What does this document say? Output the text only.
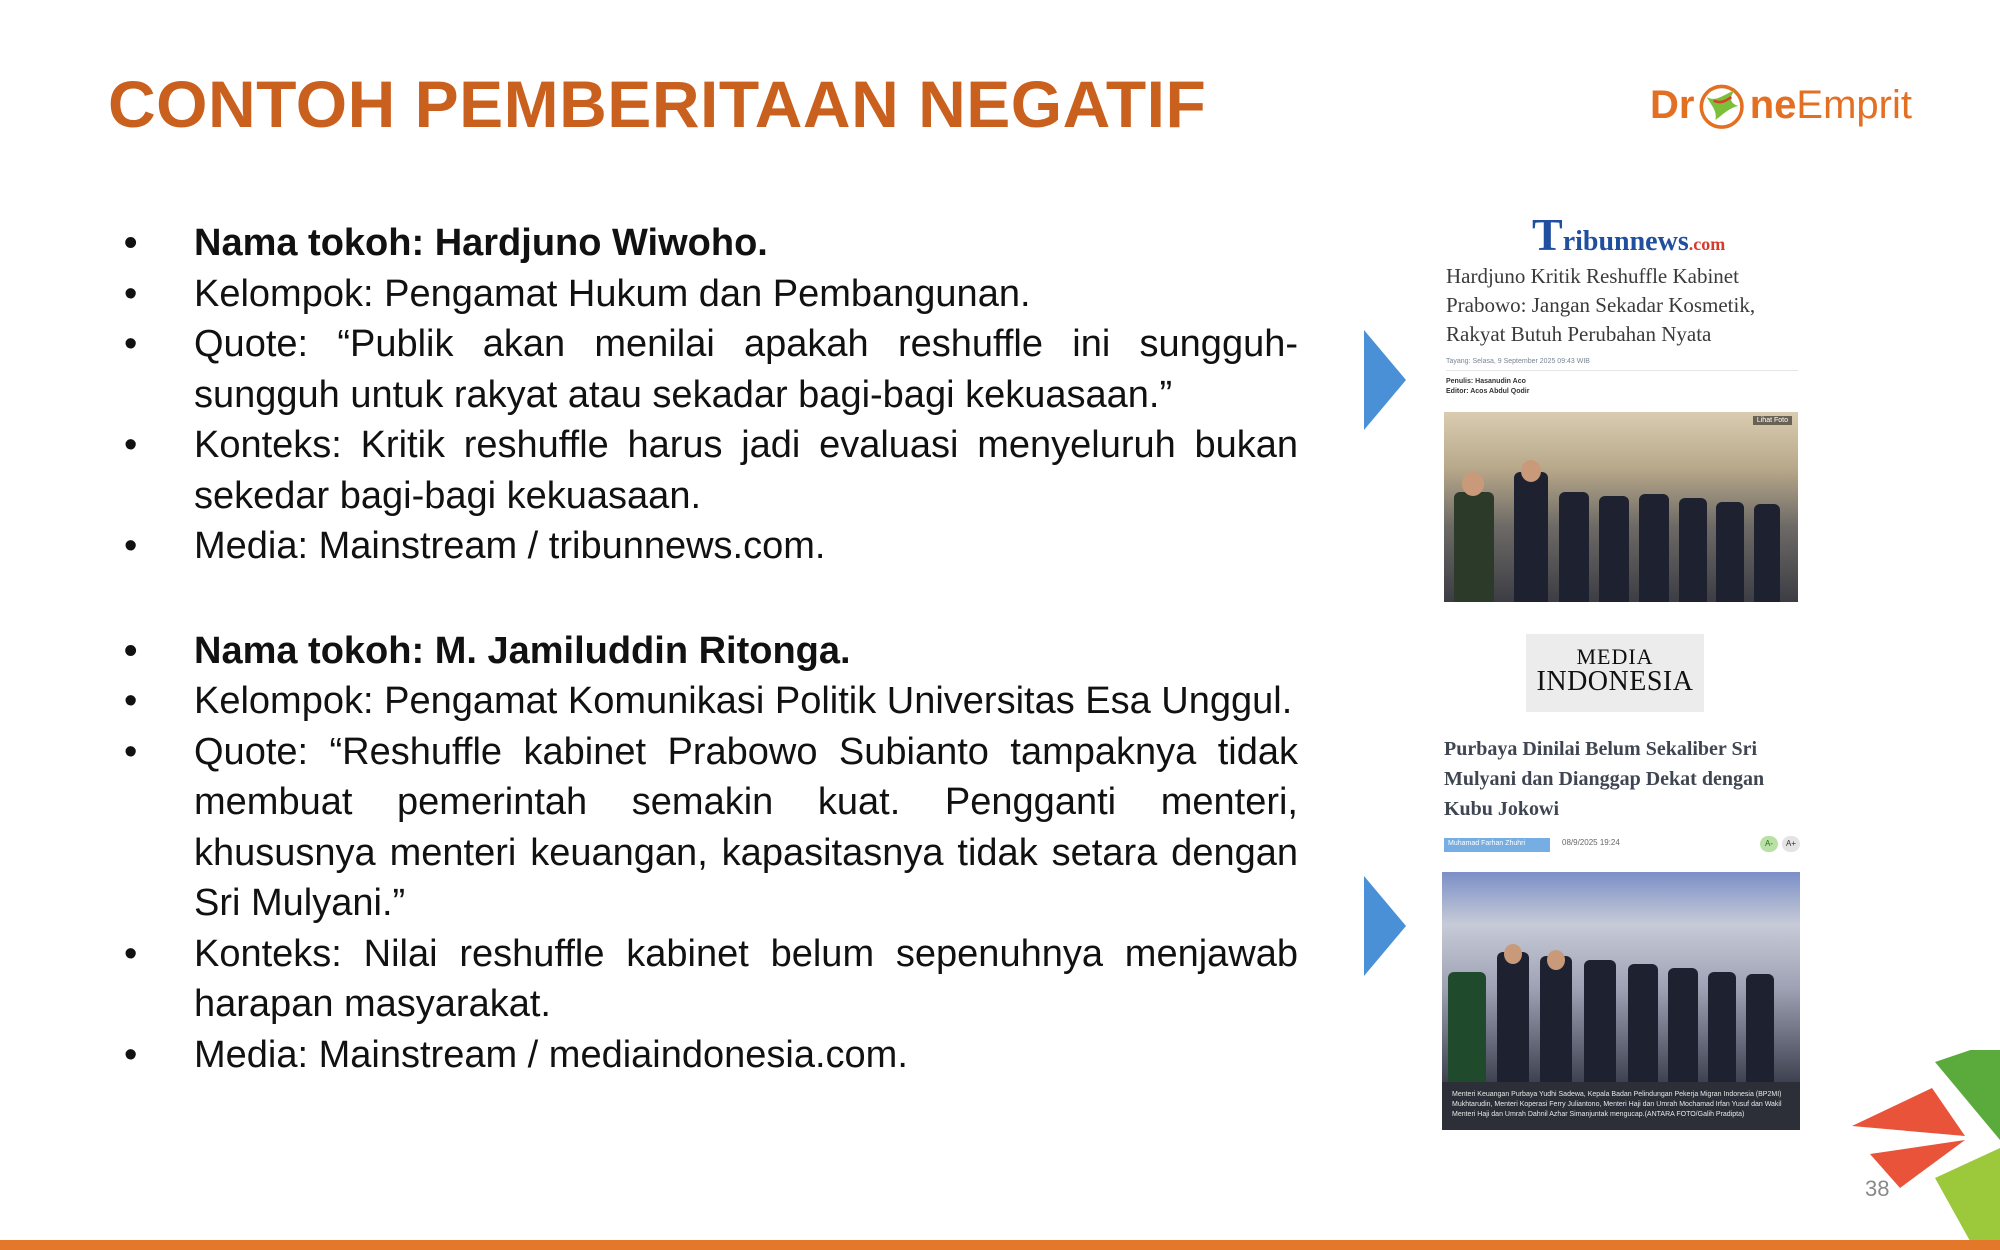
CONTOH PEMBERITAAN NEGATIF	Dr ne Emprit
• Nama tokoh: Hardjuno Wiwoho.
• Kelompok: Pengamat Hukum dan Pembangunan.
• Quote: “Publik akan menilai apakah reshuffle ini sungguh-sungguh untuk rakyat atau sekadar bagi-bagi kekuasaan.”
• Konteks: Kritik reshuffle harus jadi evaluasi menyeluruh bukan sekedar bagi-bagi kekuasaan.
• Media: Mainstream / tribunnews.com.
• Nama tokoh: M. Jamiluddin Ritonga.
• Kelompok: Pengamat Komunikasi Politik Universitas Esa Unggul.
• Quote: “Reshuffle kabinet Prabowo Subianto tampaknya tidak membuat pemerintah semakin kuat. Pengganti menteri, khususnya menteri keuangan, kapasitasnya tidak setara dengan Sri Mulyani.”
• Konteks: Nilai reshuffle kabinet belum sepenuhnya menjawab harapan masyarakat.
• Media: Mainstream / mediaindonesia.com.
T ribunnews .com
Hardjuno Kritik Reshuffle Kabinet Prabowo: Jangan Sekadar Kosmetik, Rakyat Butuh Perubahan Nyata
Tayang: Selasa, 9 September 2025 09:43 WIB
Penulis: Hasanudin Aco
Editor: Acos Abdul Qodir
Lihat Foto
MEDIA
INDONESIA
Purbaya Dinilai Belum Sekaliber Sri Mulyani dan Dianggap Dekat dengan Kubu Jokowi
Muhamad Farhan Zhuhri	08/9/2025 19:24	A-	A+
Menteri Keuangan Purbaya Yudhi Sadewa, Kepala Badan Pelindungan Pekerja Migran Indonesia (BP2MI) Mukhtarudin, Menteri Koperasi Ferry Juliantono, Menteri Haji dan Umrah Mochamad Irfan Yusuf dan Wakil Menteri Haji dan Umrah Dahnil Azhar Simanjuntak mengucap.(ANTARA FOTO/Galih Pradipta)
38
